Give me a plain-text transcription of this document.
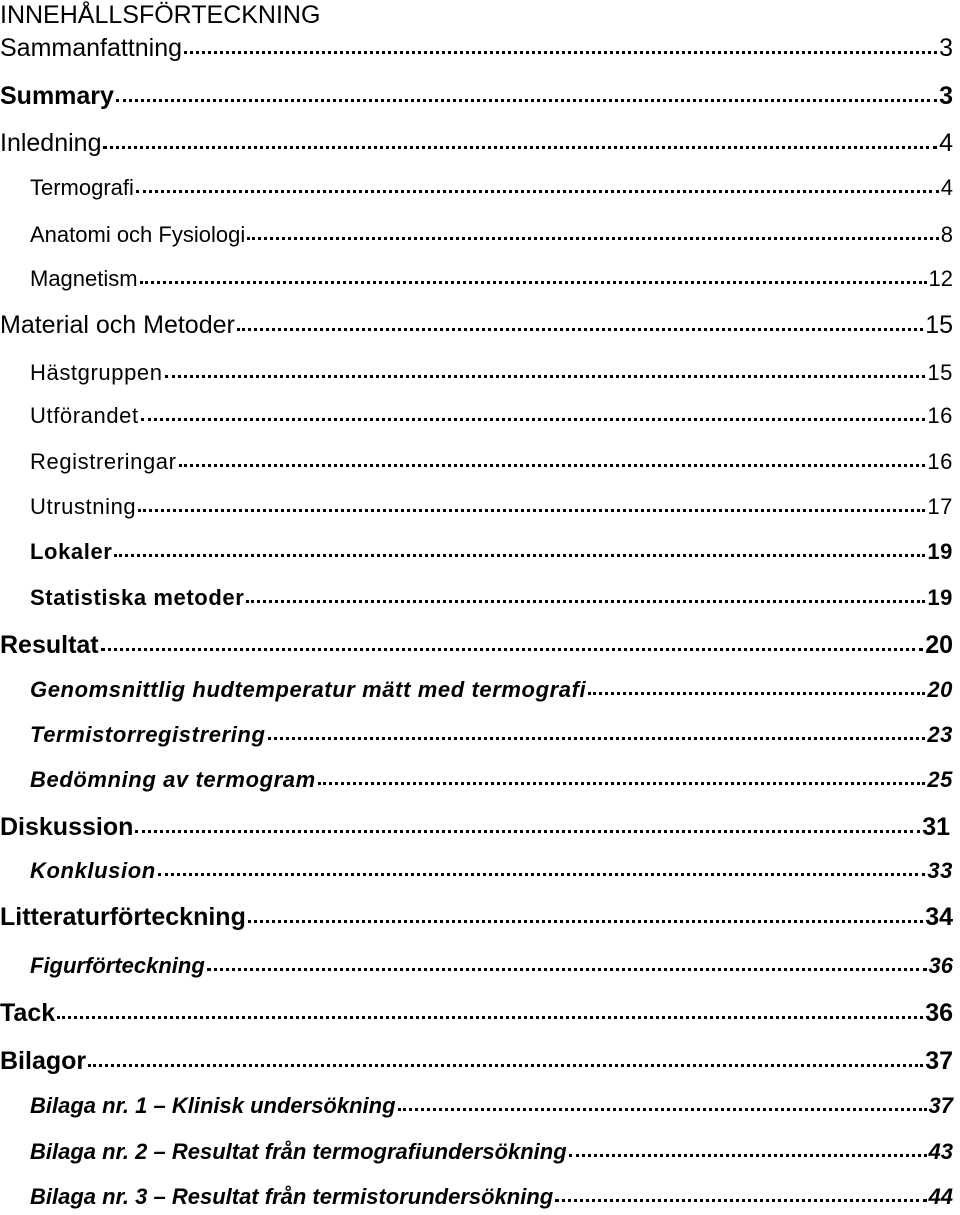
INNEHÅLLSFÖRTECKNING
Sammanfattning	3
Summary	3
Inledning	4
Termografi	4
Anatomi och Fysiologi	8
Magnetism	12
Material och Metoder	15
Hästgruppen	15
Utförandet	16
Registreringar	16
Utrustning	17
Lokaler	19
Statistiska metoder	19
Resultat	20
Genomsnittlig hudtemperatur mätt med termografi	20
Termistorregistrering	23
Bedömning av termogram	25
Diskussion	31
Konklusion	33
Litteraturförteckning	34
Figurförteckning	36
Tack	36
Bilagor	37
Bilaga nr. 1 – Klinisk undersökning	37
Bilaga nr. 2 – Resultat från termografiundersökning	43
Bilaga nr. 3 – Resultat från termistorundersökning	44
